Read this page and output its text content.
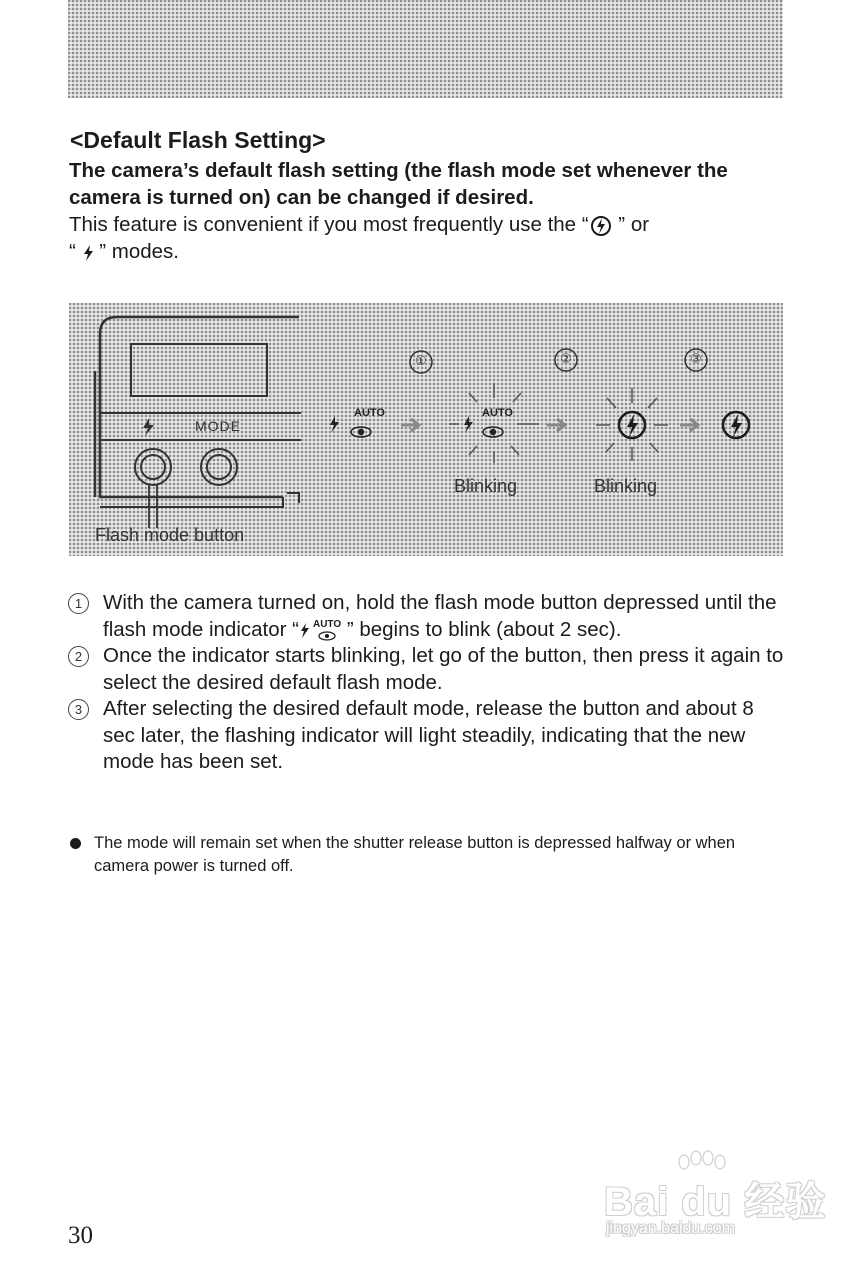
<Default Flash Setting>
The camera’s default flash setting (the flash mode set whenever the camera is turned on) can be changed if desired.
This feature is convenient if you most frequently use the “ ” or
“  ” modes.
MODE
AUTO	AUTO
①	②	③
Blinking	Blinking
Flash mode button
1	With the camera turned on, hold the flash mode button depressed until the flash mode indicator “ AUTO ” begins to blink (about 2 sec).
2	Once the indicator starts blinking, let go of the button, then press it again to select the desired default flash mode.
3	After selecting the desired default mode, release the button and about 8 sec later, the flashing indicator will light steadily, indicating that the new mode has been set.
The mode will remain set when the shutter release button is depressed halfway or when camera power is turned off.
30
Bai du 经验
jingyan.baidu.com
